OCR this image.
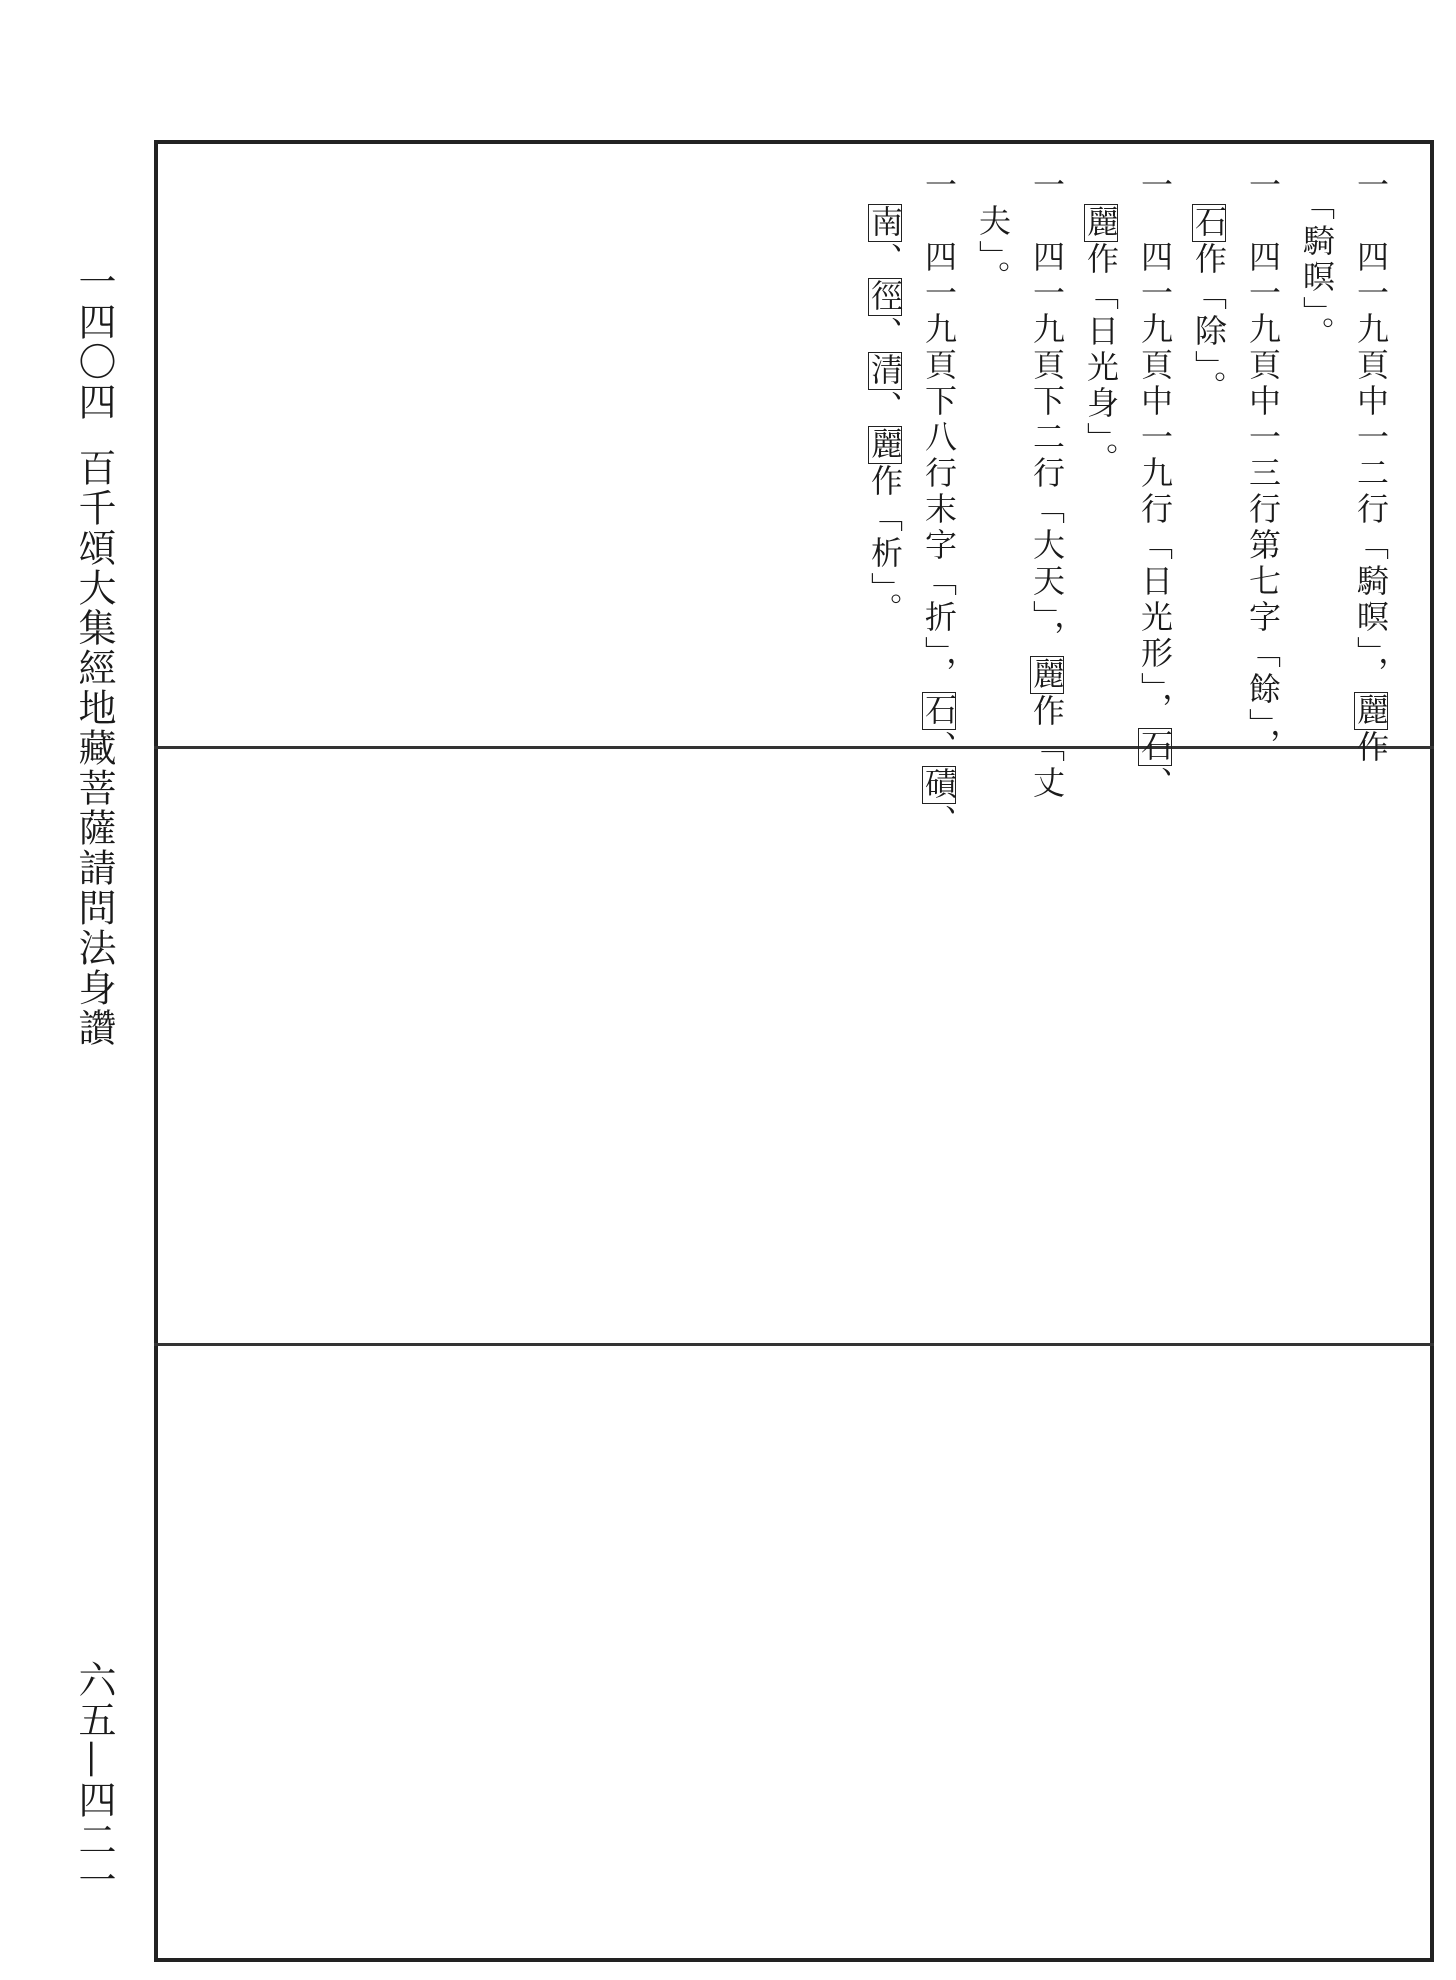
一四〇四百千頌大集經地藏菩薩請問法身讚
六五—四二一
一　四一九頁中一二行「騎暝」，麗作
　「騎暝」。
一　四一九頁中一三行第七字「餘」，
　石作「除」。
一　四一九頁中一九行「日光形」，石、
　麗作「日光身」。
一　四一九頁下二行「大天」，麗作「丈
　夫」。
一　四一九頁下八行末字「折」，石、磧、
　南、徑、清、麗作「析」。
